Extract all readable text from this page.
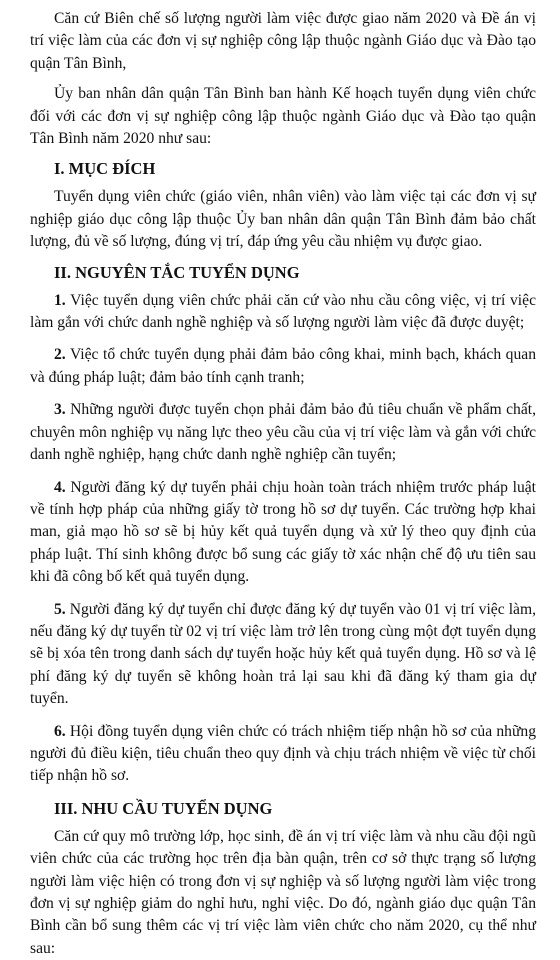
Căn cứ Biên chế số lượng người làm việc được giao năm 2020 và Đề án vị trí việc làm của các đơn vị sự nghiệp công lập thuộc ngành Giáo dục và Đào tạo quận Tân Bình,

Ủy ban nhân dân quận Tân Bình ban hành Kế hoạch tuyển dụng viên chức đối với các đơn vị sự nghiệp công lập thuộc ngành Giáo dục và Đào tạo quận Tân Bình năm 2020 như sau:

I. MỤC ĐÍCH

Tuyển dụng viên chức (giáo viên, nhân viên) vào làm việc tại các đơn vị sự nghiệp giáo dục công lập thuộc Ủy ban nhân dân quận Tân Bình đảm bảo chất lượng, đủ về số lượng, đúng vị trí, đáp ứng yêu cầu nhiệm vụ được giao.

II. NGUYÊN TẮC TUYỂN DỤNG

1. Việc tuyển dụng viên chức phải căn cứ vào nhu cầu công việc, vị trí việc làm gắn với chức danh nghề nghiệp và số lượng người làm việc đã được duyệt;

2. Việc tổ chức tuyển dụng phải đảm bảo công khai, minh bạch, khách quan và đúng pháp luật; đảm bảo tính cạnh tranh;

3. Những người được tuyển chọn phải đảm bảo đủ tiêu chuẩn về phẩm chất, chuyên môn nghiệp vụ năng lực theo yêu cầu của vị trí việc làm và gắn với chức danh nghề nghiệp, hạng chức danh nghề nghiệp cần tuyển;

4. Người đăng ký dự tuyển phải chịu hoàn toàn trách nhiệm trước pháp luật về tính hợp pháp của những giấy tờ trong hồ sơ dự tuyển. Các trường hợp khai man, giả mạo hồ sơ sẽ bị hủy kết quả tuyển dụng và xử lý theo quy định của pháp luật. Thí sinh không được bổ sung các giấy tờ xác nhận chế độ ưu tiên sau khi đã công bố kết quả tuyển dụng.

5. Người đăng ký dự tuyển chỉ được đăng ký dự tuyển vào 01 vị trí việc làm, nếu đăng ký dự tuyển từ 02 vị trí việc làm trở lên trong cùng một đợt tuyển dụng sẽ bị xóa tên trong danh sách dự tuyển hoặc hủy kết quả tuyển dụng. Hồ sơ và lệ phí đăng ký dự tuyển sẽ không hoàn trả lại sau khi đã đăng ký tham gia dự tuyển.

6. Hội đồng tuyển dụng viên chức có trách nhiệm tiếp nhận hồ sơ của những người đủ điều kiện, tiêu chuẩn theo quy định và chịu trách nhiệm về việc từ chối tiếp nhận hồ sơ.

III. NHU CẦU TUYỂN DỤNG

Căn cứ quy mô trường lớp, học sinh, đề án vị trí việc làm và nhu cầu đội ngũ viên chức của các trường học trên địa bàn quận, trên cơ sở thực trạng số lượng người làm việc hiện có trong đơn vị sự nghiệp và số lượng người làm việc trong đơn vị sự nghiệp giảm do nghỉ hưu, nghỉ việc. Do đó, ngành giáo dục quận Tân Bình cần bổ sung thêm các vị trí việc làm viên chức cho năm 2020, cụ thể như sau:
